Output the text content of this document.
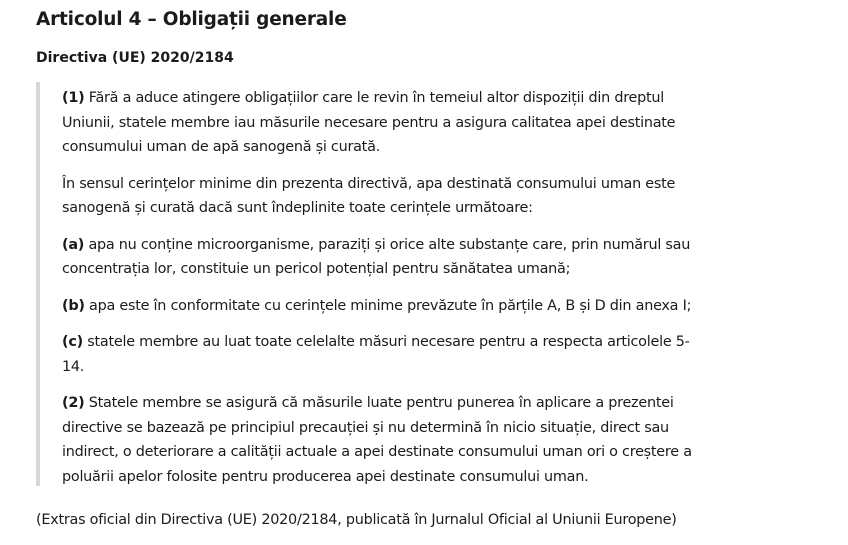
Articolul 4 – Obligații generale
Directiva (UE) 2020/2184

(1) Fără a aduce atingere obligațiilor care le revin în temeiul altor dispoziții din dreptul Uniunii, statele membre iau măsurile necesare pentru a asigura calitatea apei destinate consumului uman de apă sanogenă și curată.

În sensul cerințelor minime din prezenta directivă, apa destinată consumului uman este sanogenă și curată dacă sunt îndeplinite toate cerințele următoare:

(a) apa nu conține microorganisme, paraziți și orice alte substanțe care, prin numărul sau concentrația lor, constituie un pericol potențial pentru sănătatea umană;

(b) apa este în conformitate cu cerințele minime prevăzute în părțile A, B și D din anexa I;

(c) statele membre au luat toate celelalte măsuri necesare pentru a respecta articolele 5-14.

(2) Statele membre se asigură că măsurile luate pentru punerea în aplicare a prezentei directive se bazează pe principiul precauției și nu determină în nicio situație, direct sau indirect, o deteriorare a calității actuale a apei destinate consumului uman ori o creștere a poluării apelor folosite pentru producerea apei destinate consumului uman.

(Extras oficial din Directiva (UE) 2020/2184, publicată în Jurnalul Oficial al Uniunii Europene)
